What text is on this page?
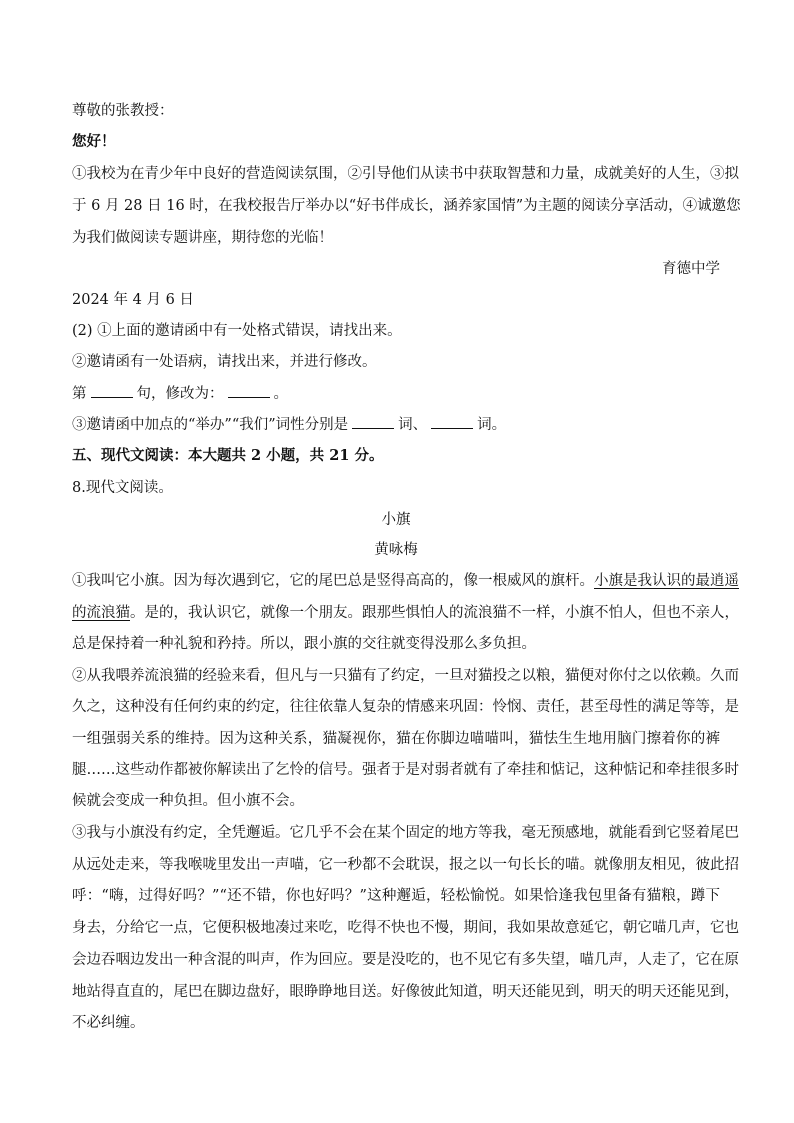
尊敬的张教授：
您好！
①我校为在青少年中良好的营造阅读氛围，②引导他们从读书中获取智慧和力量，成就美好的人生，③拟
于 6 月 28 日 16 时，在我校报告厅举办以“好书伴成长，涵养家国情”为主题的阅读分享活动，④诚邀您
为我们做阅读专题讲座，期待您的光临！
育德中学
2024 年 4 月 6 日
(2) ①上面的邀请函中有一处格式错误，请找出来。
②邀请函有一处语病，请找出来，并进行修改。
第	句，修改为：	。
③邀请函中加点的“举办”“我们”词性分别是	词、	词。
五、现代文阅读：本大题共 2 小题，共 21 分。
8.现代文阅读。
小旗
黄咏梅
①我叫它小旗。因为每次遇到它，它的尾巴总是竖得高高的，像一根威风的旗杆。小旗是我认识的最逍遥
的流浪猫。是的，我认识它，就像一个朋友。跟那些惧怕人的流浪猫不一样，小旗不怕人，但也不亲人，
总是保持着一种礼貌和矜持。所以，跟小旗的交往就变得没那么多负担。
②从我喂养流浪猫的经验来看，但凡与一只猫有了约定，一旦对猫投之以粮，猫便对你付之以依赖。久而
久之，这种没有任何约束的约定，往往依靠人复杂的情感来巩固：怜悯、责任，甚至母性的满足等等，是
一组强弱关系的维持。因为这种关系，猫凝视你，猫在你脚边喵喵叫，猫怯生生地用脑门擦着你的裤
腿……这些动作都被你解读出了乞怜的信号。强者于是对弱者就有了牵挂和惦记，这种惦记和牵挂很多时
候就会变成一种负担。但小旗不会。
③我与小旗没有约定，全凭邂逅。它几乎不会在某个固定的地方等我，毫无预感地，就能看到它竖着尾巴
从远处走来，等我喉咙里发出一声喵，它一秒都不会耽误，报之以一句长长的喵。就像朋友相见，彼此招
呼：“嗨，过得好吗？”“还不错，你也好吗？”这种邂逅，轻松愉悦。如果恰逢我包里备有猫粮，蹲下
身去，分给它一点，它便积极地凑过来吃，吃得不快也不慢，期间，我如果故意延它，朝它喵几声，它也
会边吞咽边发出一种含混的叫声，作为回应。要是没吃的，也不见它有多失望，喵几声，人走了，它在原
地站得直直的，尾巴在脚边盘好，眼睁睁地目送。好像彼此知道，明天还能见到，明天的明天还能见到，
不必纠缠。
